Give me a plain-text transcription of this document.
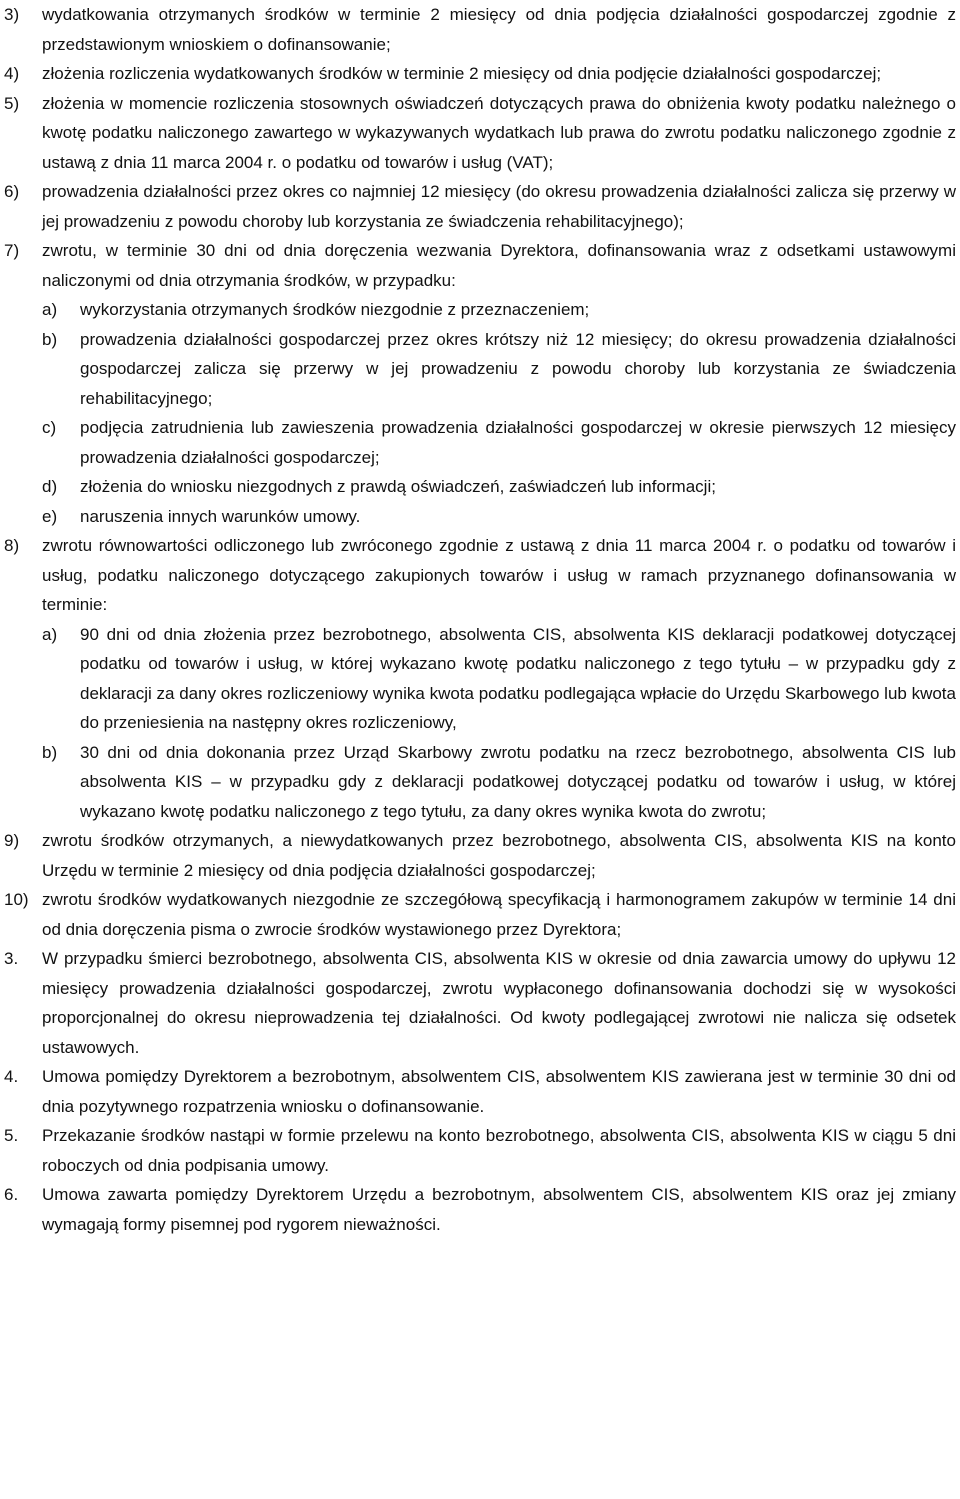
3)	wydatkowania otrzymanych środków w terminie 2 miesięcy od dnia podjęcia działalności gospodarczej zgodnie z przedstawionym wnioskiem o dofinansowanie;
4)	złożenia rozliczenia wydatkowanych środków w terminie 2 miesięcy od dnia podjęcie działalności gospodarczej;
5)	złożenia w momencie rozliczenia stosownych oświadczeń dotyczących prawa do obniżenia kwoty podatku należnego o kwotę podatku naliczonego zawartego w wykazywanych wydatkach lub prawa do zwrotu podatku naliczonego zgodnie z ustawą z dnia 11 marca 2004 r. o podatku od towarów i usług (VAT);
6)	prowadzenia działalności przez okres co najmniej 12 miesięcy (do okresu prowadzenia działalności zalicza się przerwy w jej prowadzeniu z powodu choroby lub korzystania ze świadczenia rehabilitacyjnego);
7)	zwrotu, w terminie 30 dni od dnia doręczenia wezwania Dyrektora, dofinansowania wraz z odsetkami ustawowymi naliczonymi od dnia otrzymania środków, w przypadku:
a)	wykorzystania otrzymanych środków niezgodnie z przeznaczeniem;
b)	prowadzenia działalności gospodarczej przez okres krótszy niż 12 miesięcy; do okresu prowadzenia działalności gospodarczej zalicza się przerwy w jej prowadzeniu z powodu choroby lub korzystania ze świadczenia rehabilitacyjnego;
c)	podjęcia zatrudnienia lub zawieszenia prowadzenia działalności gospodarczej w okresie pierwszych 12 miesięcy prowadzenia działalności gospodarczej;
d)	złożenia do wniosku niezgodnych z prawdą oświadczeń, zaświadczeń lub informacji;
e)	naruszenia innych warunków umowy.
8)	zwrotu równowartości odliczonego lub zwróconego zgodnie z ustawą z dnia 11 marca 2004 r. o podatku od towarów i usług, podatku naliczonego dotyczącego zakupionych towarów i usług w ramach przyznanego dofinansowania w terminie:
a)	90 dni od dnia złożenia przez bezrobotnego, absolwenta CIS, absolwenta KIS deklaracji podatkowej dotyczącej podatku od towarów i usług, w której wykazano kwotę podatku naliczonego z tego tytułu – w przypadku gdy z deklaracji za dany okres rozliczeniowy wynika kwota podatku podlegająca wpłacie do Urzędu Skarbowego lub kwota do przeniesienia na następny okres rozliczeniowy,
b)	30 dni od dnia dokonania przez Urząd Skarbowy zwrotu podatku na rzecz bezrobotnego, absolwenta CIS lub absolwenta KIS – w przypadku gdy z deklaracji podatkowej dotyczącej podatku od towarów i usług, w której wykazano kwotę podatku naliczonego z tego tytułu, za dany okres wynika kwota do zwrotu;
9)	zwrotu środków otrzymanych, a niewydatkowanych przez bezrobotnego, absolwenta CIS, absolwenta KIS na konto Urzędu w terminie 2 miesięcy od dnia podjęcia działalności gospodarczej;
10) zwrotu środków wydatkowanych niezgodnie ze szczegółową specyfikacją i harmonogramem zakupów w terminie 14 dni od dnia doręczenia pisma o zwrocie środków wystawionego przez Dyrektora;
3.	W przypadku śmierci bezrobotnego, absolwenta CIS, absolwenta KIS w okresie od dnia zawarcia umowy do upływu 12 miesięcy prowadzenia działalności gospodarczej, zwrotu wypłaconego dofinansowania dochodzi się w wysokości proporcjonalnej do okresu nieprowadzenia tej działalności. Od kwoty podlegającej zwrotowi nie nalicza się odsetek ustawowych.
4.	Umowa pomiędzy Dyrektorem a bezrobotnym, absolwentem CIS, absolwentem KIS zawierana jest w terminie 30 dni od dnia pozytywnego rozpatrzenia wniosku o dofinansowanie.
5.	Przekazanie środków nastąpi w formie przelewu na konto bezrobotnego, absolwenta CIS, absolwenta KIS w ciągu 5 dni roboczych od dnia podpisania umowy.
6.	Umowa zawarta pomiędzy Dyrektorem Urzędu a bezrobotnym, absolwentem CIS, absolwentem KIS oraz jej zmiany wymagają formy pisemnej pod rygorem nieważności.
